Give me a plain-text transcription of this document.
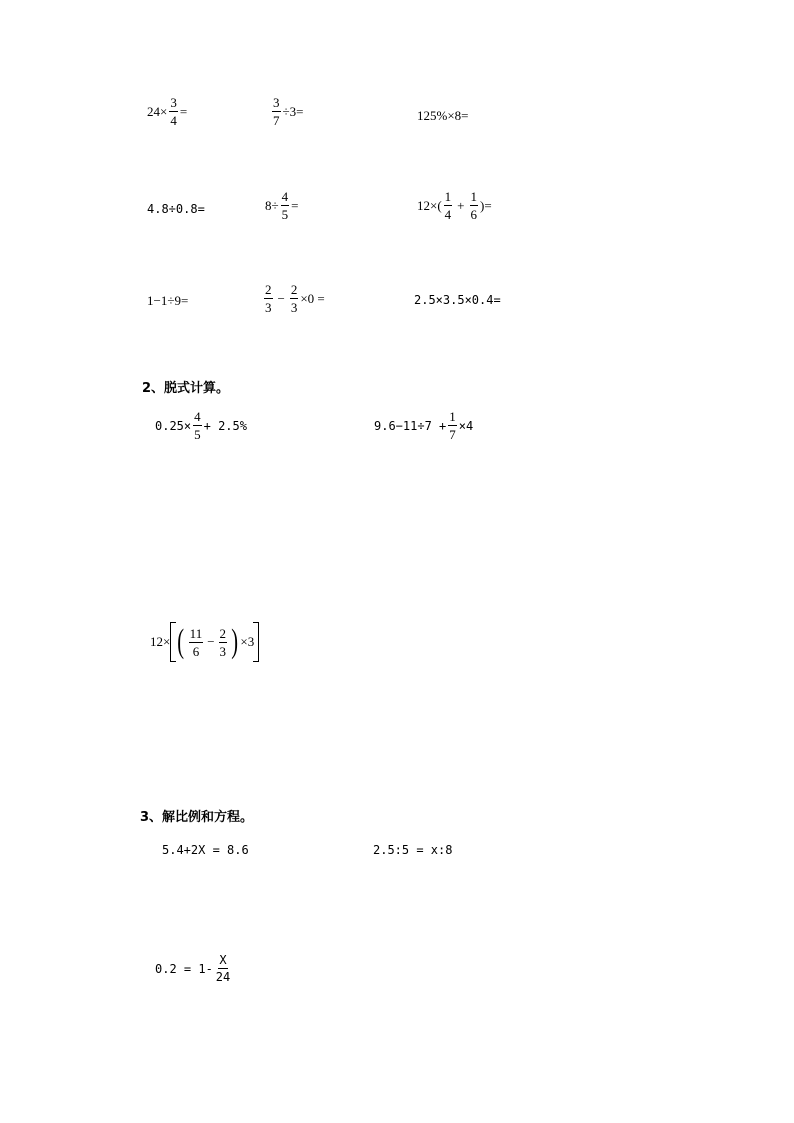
$24\times \frac{3}{4}$ =	$\frac{3}{7} \div 3=$	125%×8=
4.8÷0.8=	$8\div \frac{4}{5}$ =	$12\times( \frac{1}{4} + \frac{1}{6}$ )=
1−1÷9=	$\frac{2}{3} - \frac{2}{3} \times 0$ =	2.5×3.5×0.4=
2、脱式计算。
$0.25\times \frac{4}{5} + 2.5\%$	$9.6-11\div 7 + \frac{1}{7} \times 4$
12× ( $\frac{11}{6} - \frac{2}{3}$ ) ×3
3、解比例和方程。
5.4+2X = 8.6	2.5:5 = x:8
$0.2 = 1- \frac{X}{24}$
